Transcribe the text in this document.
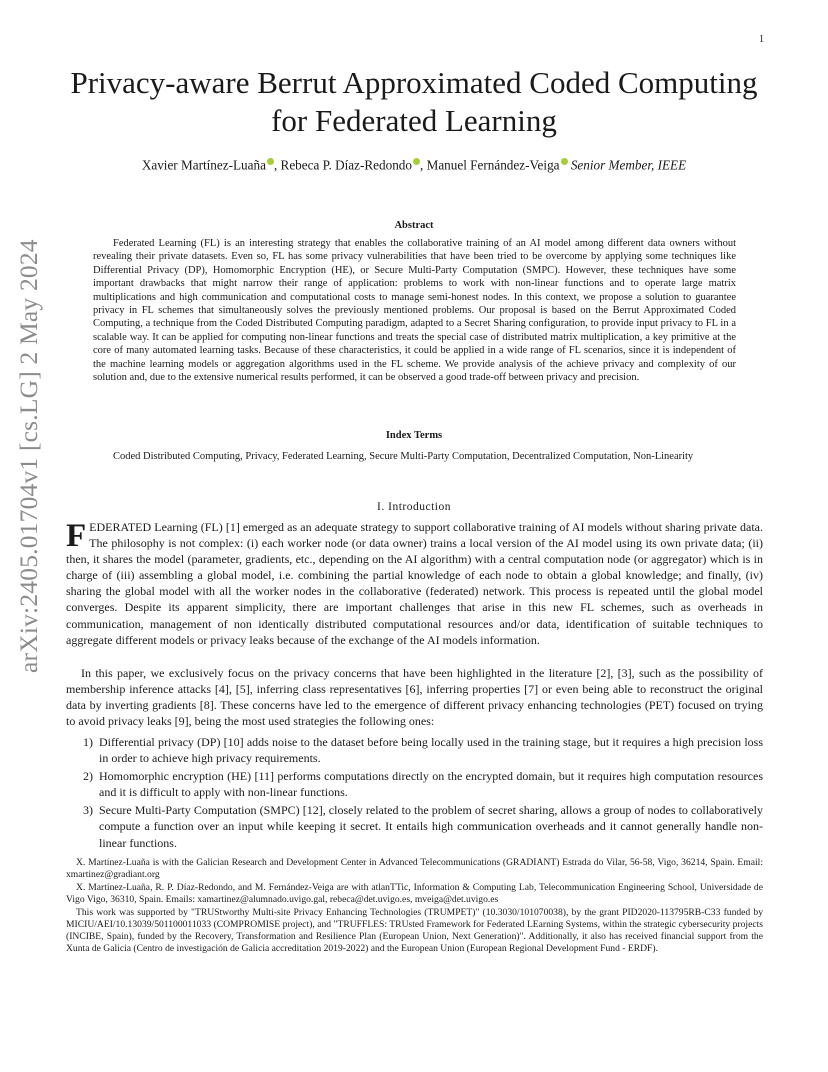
1
arXiv:2405.01704v1 [cs.LG] 2 May 2024
Privacy-aware Berrut Approximated Coded Computing for Federated Learning
Xavier Martínez-Luaña , Rebeca P. Díaz-Redondo , Manuel Fernández-Veiga Senior Member, IEEE
Abstract

Federated Learning (FL) is an interesting strategy that enables the collaborative training of an AI model among different data owners without revealing their private datasets. Even so, FL has some privacy vulnerabilities that have been tried to be overcome by applying some techniques like Differential Privacy (DP), Homomorphic Encryption (HE), or Secure Multi-Party Computation (SMPC). However, these techniques have some important drawbacks that might narrow their range of application: problems to work with non-linear functions and to operate large matrix multiplications and high communication and computational costs to manage semi-honest nodes. In this context, we propose a solution to guarantee privacy in FL schemes that simultaneously solves the previously mentioned problems. Our proposal is based on the Berrut Approximated Coded Computing, a technique from the Coded Distributed Computing paradigm, adapted to a Secret Sharing configuration, to provide input privacy to FL in a scalable way. It can be applied for computing non-linear functions and treats the special case of distributed matrix multiplication, a key primitive at the core of many automated learning tasks. Because of these characteristics, it could be applied in a wide range of FL scenarios, since it is independent of the machine learning models or aggregation algorithms used in the FL scheme. We provide analysis of the achieve privacy and complexity of our solution and, due to the extensive numerical results performed, it can be observed a good trade-off between privacy and precision.

Index Terms

Coded Distributed Computing, Privacy, Federated Learning, Secure Multi-Party Computation, Decentralized Computation, Non-Linearity

I. Introduction

FEDERATED Learning (FL) [1] emerged as an adequate strategy to support collaborative training of AI models without sharing private data. The philosophy is not complex: (i) each worker node (or data owner) trains a local version of the AI model using its own private data; (ii) then, it shares the model (parameter, gradients, etc., depending on the AI algorithm) with a central computation node (or aggregator) which is in charge of (iii) assembling a global model, i.e. combining the partial knowledge of each node to obtain a global knowledge; and finally, (iv) sharing the global model with all the worker nodes in the collaborative (federated) network. This process is repeated until the global model converges. Despite its apparent simplicity, there are important challenges that arise in this new FL schemes, such as overheads in communication, management of non identically distributed computational resources and/or data, identification of suitable techniques to aggregate different models or privacy leaks because of the exchange of the AI models information.

In this paper, we exclusively focus on the privacy concerns that have been highlighted in the literature [2], [3], such as the possibility of membership inference attacks [4], [5], inferring class representatives [6], inferring properties [7] or even being able to reconstruct the original data by inverting gradients [8]. These concerns have led to the emergence of different privacy enhancing technologies (PET) focused on trying to avoid privacy leaks [9], being the most used strategies the following ones:

1) Differential privacy (DP) [10] adds noise to the dataset before being locally used in the training stage, but it requires a high precision loss in order to achieve high privacy requirements.
2) Homomorphic encryption (HE) [11] performs computations directly on the encrypted domain, but it requires high computation resources and it is difficult to apply with non-linear functions.
3) Secure Multi-Party Computation (SMPC) [12], closely related to the problem of secret sharing, allows a group of nodes to collaboratively compute a function over an input while keeping it secret. It entails high communication overheads and it cannot generally handle non-linear functions.

X. Martínez-Luaña is with the Galician Research and Development Center in Advanced Telecommunications (GRADIANT) Estrada do Vilar, 56-58, Vigo, 36214, Spain. Email: xmartinez@gradiant.org

X. Martínez-Luaña, R. P. Díaz-Redondo, and M. Fernández-Veiga are with atlanTTic, Information & Computing Lab, Telecommunication Engineering School, Universidade de Vigo Vigo, 36310, Spain. Emails: xamartinez@alumnado.uvigo.gal, rebeca@det.uvigo.es, mveiga@det.uvigo.es

This work was supported by "TRUStworthy Multi-site Privacy Enhancing Technologies (TRUMPET)" (10.3030/101070038), by the grant PID2020-113795RB-C33 funded by MICIU/AEI/10.13039/501100011033 (COMPROMISE project), and "TRUFFLES: TRUsted Framework for Federated LEarning Systems, within the strategic cybersecurity projects (INCIBE, Spain), funded by the Recovery, Transformation and Resilience Plan (European Union, Next Generation)". Additionally, it also has received financial support from the Xunta de Galicia (Centro de investigación de Galicia accreditation 2019-2022) and the European Union (European Regional Development Fund - ERDF).
